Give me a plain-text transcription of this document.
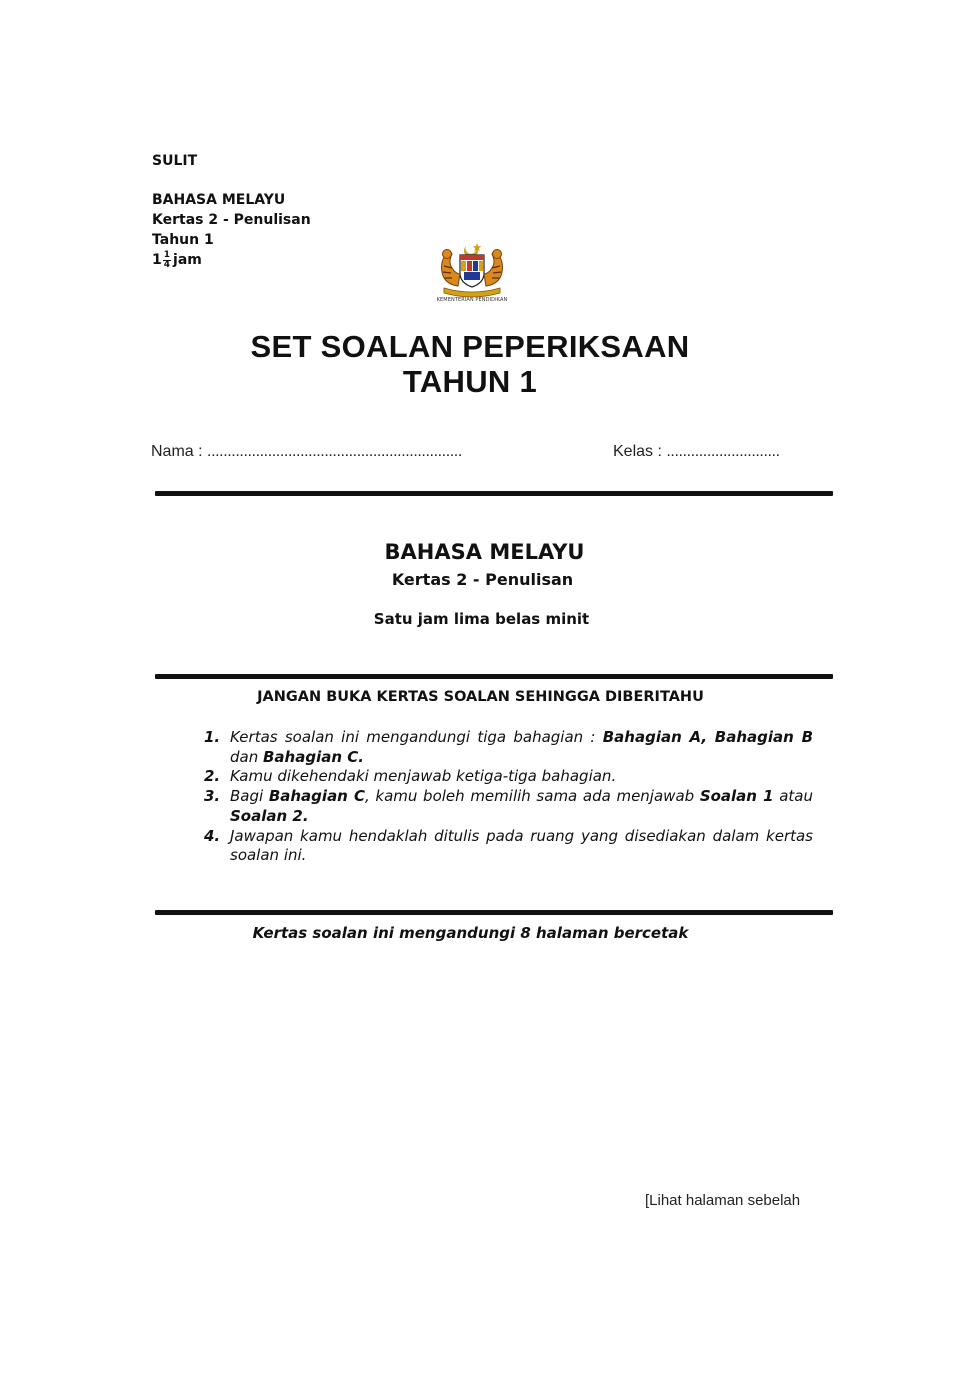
SULIT
BAHASA MELAYU
Kertas 2 - Penulisan
Tahun 1
$1 \frac{1}{4}$ jam
KEMENTERIAN PENDIDIKAN
SET SOALAN PEPERIKSAAN
TAHUN 1
Nama : ...............................................................	Kelas : ............................
BAHASA MELAYU
Kertas 2 - Penulisan
Satu jam lima belas minit
JANGAN BUKA KERTAS SOALAN SEHINGGA DIBERITAHU
1. Kertas soalan ini mengandungi tiga bahagian : Bahagian A, Bahagian B dan Bahagian C.
2. Kamu dikehendaki menjawab ketiga-tiga bahagian.
3. Bagi Bahagian C, kamu boleh memilih sama ada menjawab Soalan 1 atau Soalan 2.
4. Jawapan kamu hendaklah ditulis pada ruang yang disediakan dalam kertas soalan ini.
Kertas soalan ini mengandungi 8 halaman bercetak
[Lihat halaman sebelah
